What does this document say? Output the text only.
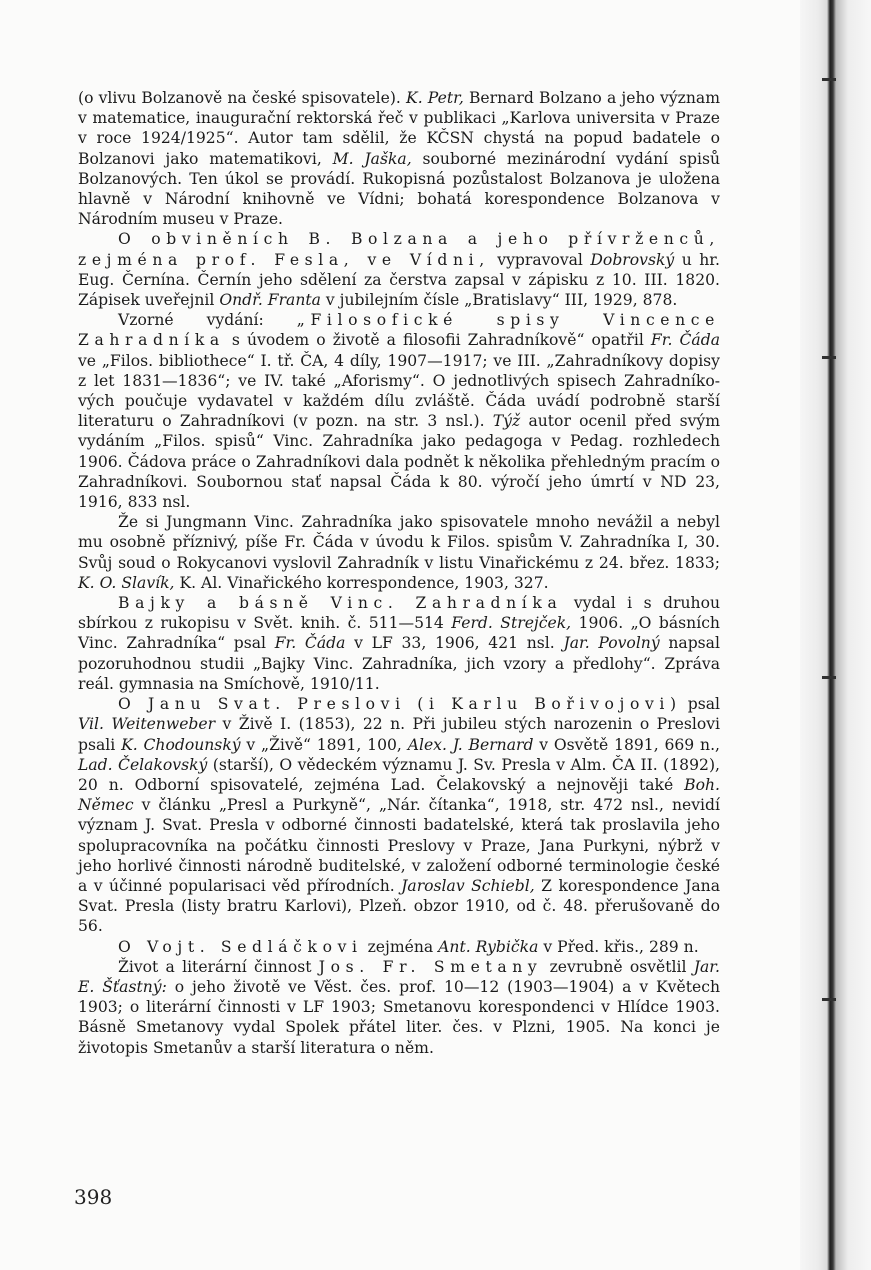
(o vlivu Bolzanově na české spisovatele). K. Petr, Bernard Bolzano a jeho význam v matematice, inaugurační rektorská řeč v publikaci „Karlova universita v Praze v roce 1924/1925“. Autor tam sdělil, že KČSN chystá na popud badatele o Bolzanovi jako matematikovi, M. Jaška, souborné mezinárodní vydání spisů Bolzanových. Ten úkol se provádí. Rukopisná pozůstalost Bolzanova je uložena hlavně v Národní knihovně ve Vídni; bohatá korespondence Bolzanova v Národním museu v Praze.

O obviněních B. Bolzana a jeho přívrženců, zejména prof. Fesla, ve Vídni, vypravoval Dobrovský u hr. Eug. Černína. Černín jeho sdělení za čerstva zapsal v zápisku z 10. III. 1820. Zápisek uveřejnil Ondř. Franta v jubilejním čísle „Bratislavy“ III, 1929, 878.

Vzorné vydání: „Filosofické spisy Vincence Zahradníka s úvodem o životě a filosofii Zahradníkově“ opatřil Fr. Čáda ve „Filos. bibliothece“ I. tř. ČA, 4 díly, 1907—1917; ve III. „Zahradníkovy dopisy z let 1831—1836“; ve IV. také „Aforismy“. O jednotlivých spisech Zahradníkových poučuje vydavatel v každém dílu zvláště. Čáda uvádí podrobně starší literaturu o Zahradníkovi (v pozn. na str. 3 nsl.). Týž autor ocenil před svým vydáním „Filos. spisů“ Vinc. Zahradníka jako pedagoga v Pedag. rozhledech 1906. Čádova práce o Zahradníkovi dala podnět k několika přehledným pracím o Zahradníkovi. Soubornou stať napsal Čáda k 80. výročí jeho úmrtí v ND 23, 1916, 833 nsl.

Že si Jungmann Vinc. Zahradníka jako spisovatele mnoho nevážil a nebyl mu osobně příznivý, píše Fr. Čáda v úvodu k Filos. spisům V. Zahradníka I, 30. Svůj soud o Rokycanovi vyslovil Zahradník v listu Vinařickému z 24. břez. 1833; K. O. Slavík, K. Al. Vinařického korrespondence, 1903, 327.

Bajky a básně Vinc. Zahradníka vydal i s druhou sbírkou z rukopisu v Svět. knih. č. 511—514 Ferd. Strejček, 1906. „O básních Vinc. Zahradníka“ psal Fr. Čáda v LF 33, 1906, 421 nsl. Jar. Povolný napsal pozoruhodnou studii „Bajky Vinc. Zahradníka, jich vzory a předlohy“. Zpráva reál. gymnasia na Smíchově, 1910/11.

O Janu Svat. Preslovi (i Karlu Bořivojovi) psal Vil. Weitenweber v Živě I. (1853), 22 n. Při jubileu stých narozenin o Preslovi psali K. Chodounský v „Živě“ 1891, 100, Alex. J. Bernard v Osvětě 1891, 669 n., Lad. Čelakovský (starší), O vědeckém významu J. Sv. Presla v Alm. ČA II. (1892), 20 n. Odborní spisovatelé, zejména Lad. Čelakovský a nejnověji také Boh. Němec v článku „Presl a Purkyně“, „Nár. čítanka“, 1918, str. 472 nsl., nevidí význam J. Svat. Presla v odborné činnosti badatelské, která tak proslavila jeho spolupracovníka na počátku činnosti Preslovy v Praze, Jana Purkyni, nýbrž v jeho horlivé činnosti národně buditelské, v založení odborné terminologie české a v účinné popularisaci věd přírodních. Jaroslav Schiebl, Z korespondence Jana Svat. Presla (listy bratru Karlovi), Plzeň. obzor 1910, od č. 48. přerušovaně do 56.

O Vojt. Sedláčkovi zejména Ant. Rybička v Před. křis., 289 n.

Život a literární činnost Jos. Fr. Smetany zevrubně osvětlil Jar. E. Šťastný: o jeho životě ve Věst. čes. prof. 10—12 (1903—1904) a v Květech 1903; o literární činnosti v LF 1903; Smetanovu korespondenci v Hlídce 1903. Básně Smetanovy vydal Spolek přátel liter. čes. v Plzni, 1905. Na konci je životopis Smetanův a starší literatura o něm.

398
